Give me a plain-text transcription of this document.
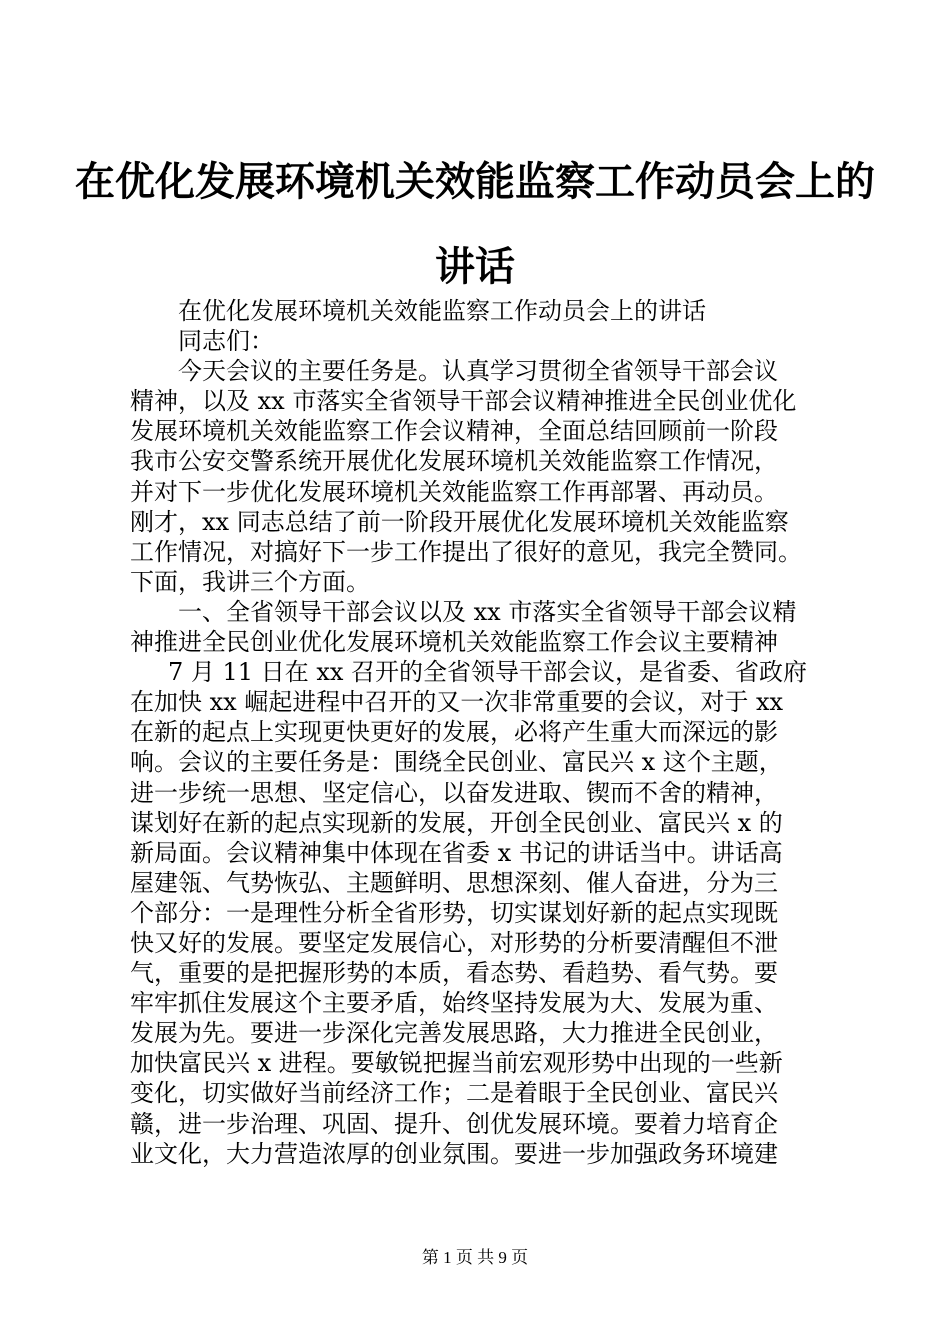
在优化发展环境机关效能监察工作动员会上的
讲话
在优化发展环境机关效能监察工作动员会上的讲话
同志们：
今天会议的主要任务是。认真学习贯彻全省领导干部会议
精神，以及 xx 市落实全省领导干部会议精神推进全民创业优化
发展环境机关效能监察工作会议精神，全面总结回顾前一阶段
我市公安交警系统开展优化发展环境机关效能监察工作情况，
并对下一步优化发展环境机关效能监察工作再部署、再动员。
刚才，xx 同志总结了前一阶段开展优化发展环境机关效能监察
工作情况，对搞好下一步工作提出了很好的意见，我完全赞同。
下面，我讲三个方面。
一、全省领导干部会议以及 xx 市落实全省领导干部会议精
神推进全民创业优化发展环境机关效能监察工作会议主要精神
7 月 11 日在 xx 召开的全省领导干部会议，是省委、省政府
在加快 xx 崛起进程中召开的又一次非常重要的会议，对于 xx
在新的起点上实现更快更好的发展，必将产生重大而深远的影
响。会议的主要任务是：围绕全民创业、富民兴 x 这个主题，
进一步统一思想、坚定信心，以奋发进取、锲而不舍的精神，
谋划好在新的起点实现新的发展，开创全民创业、富民兴 x 的
新局面。会议精神集中体现在省委 x 书记的讲话当中。讲话高
屋建瓴、气势恢弘、主题鲜明、思想深刻、催人奋进，分为三
个部分：一是理性分析全省形势，切实谋划好新的起点实现既
快又好的发展。要坚定发展信心，对形势的分析要清醒但不泄
气，重要的是把握形势的本质，看态势、看趋势、看气势。要
牢牢抓住发展这个主要矛盾，始终坚持发展为大、发展为重、
发展为先。要进一步深化完善发展思路，大力推进全民创业，
加快富民兴 x 进程。要敏锐把握当前宏观形势中出现的一些新
变化，切实做好当前经济工作；二是着眼于全民创业、富民兴
赣，进一步治理、巩固、提升、创优发展环境。要着力培育企
业文化，大力营造浓厚的创业氛围。要进一步加强政务环境建
第 1 页 共 9 页
